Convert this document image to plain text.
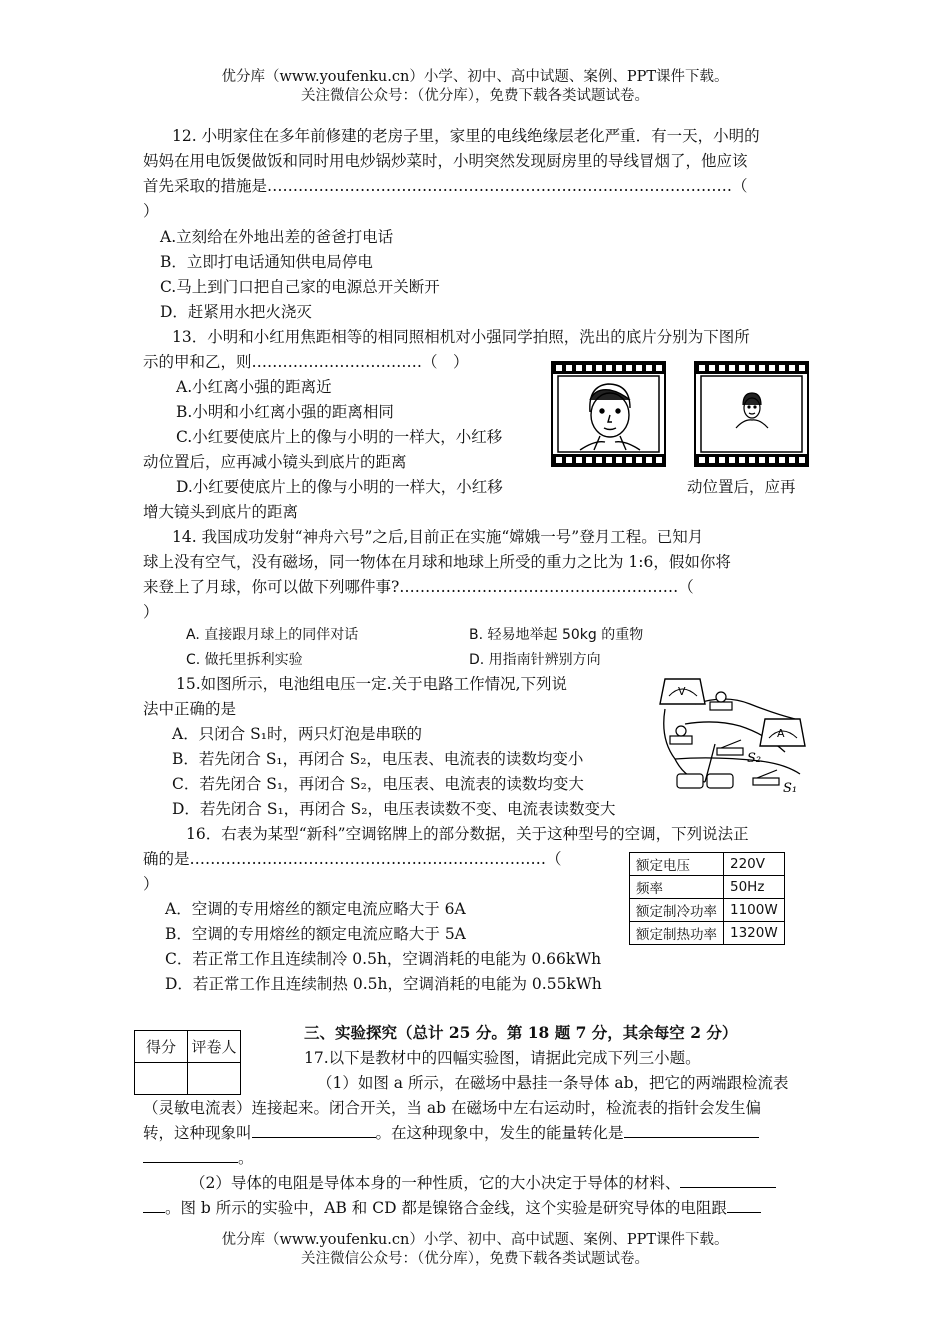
优分库（www.youfenku.cn）小学、初中、高中试题、案例、PPT课件下载。
关注微信公众号：（优分库），免费下载各类试题试卷。
12. 小明家住在多年前修建的老房子里，家里的电线绝缘层老化严重．有一天，小明的
妈妈在用电饭煲做饭和同时用电炒锅炒菜时，小明突然发现厨房里的导线冒烟了，他应该
首先采取的措施是………………………………………………………………………………（
）
A.立刻给在外地出差的爸爸打电话
B．立即打电话通知供电局停电
C.马上到门口把自己家的电源总开关断开
D．赶紧用水把火浇灭
13．小明和小红用焦距相等的相同照相机对小强同学拍照，洗出的底片分别为下图所
示的甲和乙，则……………………………（　）
A.小红离小强的距离近
B.小明和小红离小强的距离相同
C.小红要使底片上的像与小明的一样大，小红移
动位置后，应再减小镜头到底片的距离
D.小红要使底片上的像与小明的一样大，小红移	动位置后，应再
增大镜头到底片的距离
14. 我国成功发射“神舟六号”之后,目前正在实施“嫦娥一号”登月工程。已知月
球上没有空气，没有磁场，同一物体在月球和地球上所受的重力之比为 1:6，假如你将
来登上了月球，你可以做下列哪件事?………………………………………………（
）
A. 直接跟月球上的同伴对话	B. 轻易地举起 50kg 的重物
C. 做托里拆利实验	D. 用指南针辨别方向
15.如图所示，电池组电压一定.关于电路工作情况,下列说
法中正确的是
A．只闭合 S₁时，两只灯泡是串联的
B．若先闭合 S₁，再闭合 S₂，电压表、电流表的读数均变小
C．若先闭合 S₁，再闭合 S₂，电压表、电流表的读数均变大
D．若先闭合 S₁，再闭合 S₂，电压表读数不变、电流表读数变大
V
A
S₂
S₁
16．右表为某型“新科”空调铭牌上的部分数据，关于这种型号的空调，下列说法正
确的是……………………………………………………………（
）
A．空调的专用熔丝的额定电流应略大于 6A
B．空调的专用熔丝的额定电流应略大于 5A
C．若正常工作且连续制冷 0.5h，空调消耗的电能为 0.66kWh
D．若正常工作且连续制热 0.5h，空调消耗的电能为 0.55kWh
额定电压	220V
频率	50Hz
额定制冷功率	1100W
额定制热功率	1320W
得分	评卷人

三、实验探究（总计 25 分。第 18 题 7 分，其余每空 2 分）
17.以下是教材中的四幅实验图，请据此完成下列三小题。
（1）如图 a 所示，在磁场中悬挂一条导体 ab，把它的两端跟检流表
（灵敏电流表）连接起来。闭合开关，当 ab 在磁场中左右运动时，检流表的指针会发生偏
转，这种现象叫	。在这种现象中，发生的能量转化是
。
（2）导体的电阻是导体本身的一种性质，它的大小决定于导体的材料、
。图 b 所示的实验中，AB 和 CD 都是镍铬合金线，这个实验是研究导体的电阻跟
优分库（www.youfenku.cn）小学、初中、高中试题、案例、PPT课件下载。
关注微信公众号：（优分库），免费下载各类试题试卷。
